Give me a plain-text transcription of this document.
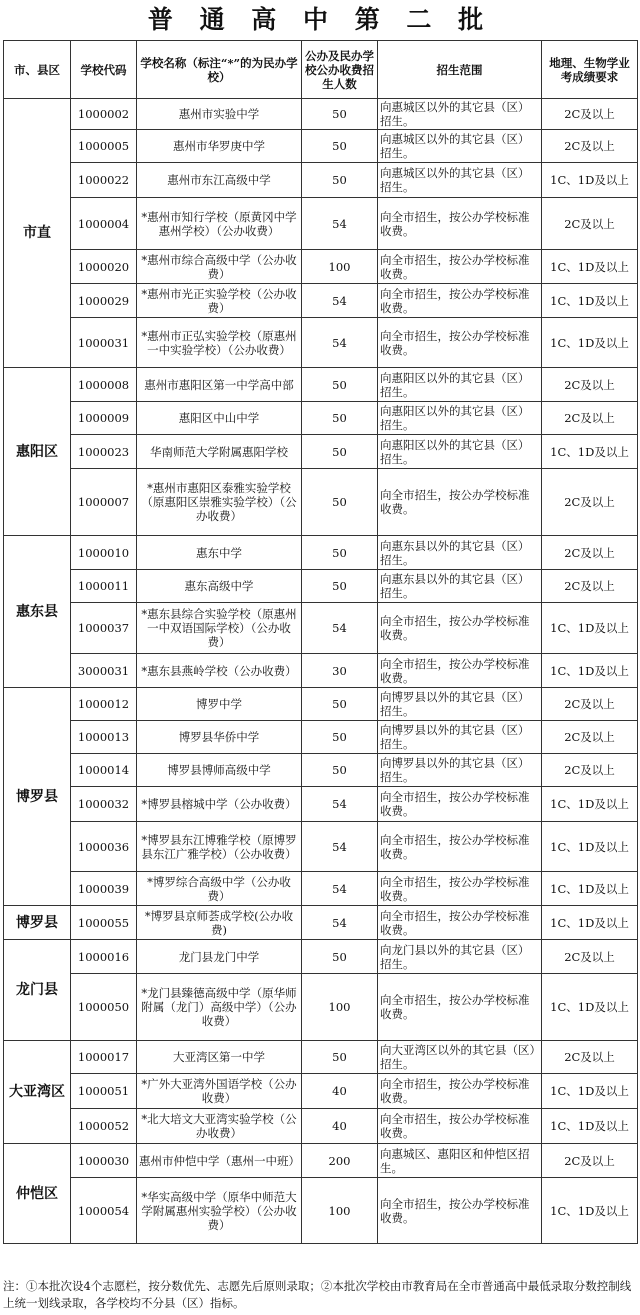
普 通 高 中 第 二 批
市、县区	学校代码	学校名称（标注“*”的为民办学校）	公办及民办学校公办收费招生人数	招生范围	地理、生物学业考成绩要求
市直	1000002	惠州市实验中学	50	向惠城区以外的其它县（区）招生。	2C及以上
	1000005	惠州市华罗庚中学	50	向惠城区以外的其它县（区）招生。	2C及以上
	1000022	惠州市东江高级中学	50	向惠城区以外的其它县（区）招生。	1C、1D及以上
	1000004	*惠州市知行学校（原黄冈中学惠州学校）（公办收费）	54	向全市招生，按公办学校标准收费。	2C及以上
	1000020	*惠州市综合高级中学（公办收费）	100	向全市招生，按公办学校标准收费。	1C、1D及以上
	1000029	*惠州市光正实验学校（公办收费）	54	向全市招生，按公办学校标准收费。	1C、1D及以上
	1000031	*惠州市正弘实验学校（原惠州一中实验学校）（公办收费）	54	向全市招生，按公办学校标准收费。	1C、1D及以上
惠阳区	1000008	惠州市惠阳区第一中学高中部	50	向惠阳区以外的其它县（区）招生。	2C及以上
	1000009	惠阳区中山中学	50	向惠阳区以外的其它县（区）招生。	2C及以上
	1000023	华南师范大学附属惠阳学校	50	向惠阳区以外的其它县（区）招生。	1C、1D及以上
	1000007	*惠州市惠阳区泰雅实验学校（原惠阳区崇雅实验学校）（公办收费）	50	向全市招生，按公办学校标准收费。	2C及以上
惠东县	1000010	惠东中学	50	向惠东县以外的其它县（区）招生。	2C及以上
	1000011	惠东高级中学	50	向惠东县以外的其它县（区）招生。	2C及以上
	1000037	*惠东县综合实验学校（原惠州一中双语国际学校）（公办收费）	54	向全市招生，按公办学校标准收费。	1C、1D及以上
	3000031	*惠东县燕岭学校（公办收费）	30	向全市招生，按公办学校标准收费。	1C、1D及以上
博罗县	1000012	博罗中学	50	向博罗县以外的其它县（区）招生。	2C及以上
	1000013	博罗县华侨中学	50	向博罗县以外的其它县（区）招生。	2C及以上
	1000014	博罗县博师高级中学	50	向博罗县以外的其它县（区）招生。	2C及以上
	1000032	*博罗县榕城中学（公办收费）	54	向全市招生，按公办学校标准收费。	1C、1D及以上
	1000036	*博罗县东江博雅学校（原博罗县东江广雅学校）（公办收费）	54	向全市招生，按公办学校标准收费。	1C、1D及以上
	1000039	*博罗综合高级中学（公办收费）	54	向全市招生，按公办学校标准收费。	1C、1D及以上
博罗县	1000055	*博罗县京师荟成学校(公办收费)	54	向全市招生，按公办学校标准收费。	1C、1D及以上
龙门县	1000016	龙门县龙门中学	50	向龙门县以外的其它县（区）招生。	2C及以上
	1000050	*龙门县臻德高级中学（原华师附属（龙门）高级中学）（公办收费）	100	向全市招生，按公办学校标准收费。	1C、1D及以上
大亚湾区	1000017	大亚湾区第一中学	50	向大亚湾区以外的其它县（区）招生。	2C及以上
	1000051	*广外大亚湾外国语学校（公办收费）	40	向全市招生，按公办学校标准收费。	1C、1D及以上
	1000052	*北大培文大亚湾实验学校（公办收费）	40	向全市招生，按公办学校标准收费。	1C、1D及以上
仲恺区	1000030	惠州市仲恺中学（惠州一中班）	200	向惠城区、惠阳区和仲恺区招生。	2C及以上
	1000054	*华实高级中学（原华中师范大学附属惠州实验学校）（公办收费）	100	向全市招生，按公办学校标准收费。	1C、1D及以上
注：①本批次设4个志愿栏，按分数优先、志愿先后原则录取；②本批次学校由市教育局在全市普通高中最低录取分数控制线上统一划线录取，各学校均不分县（区）指标。
